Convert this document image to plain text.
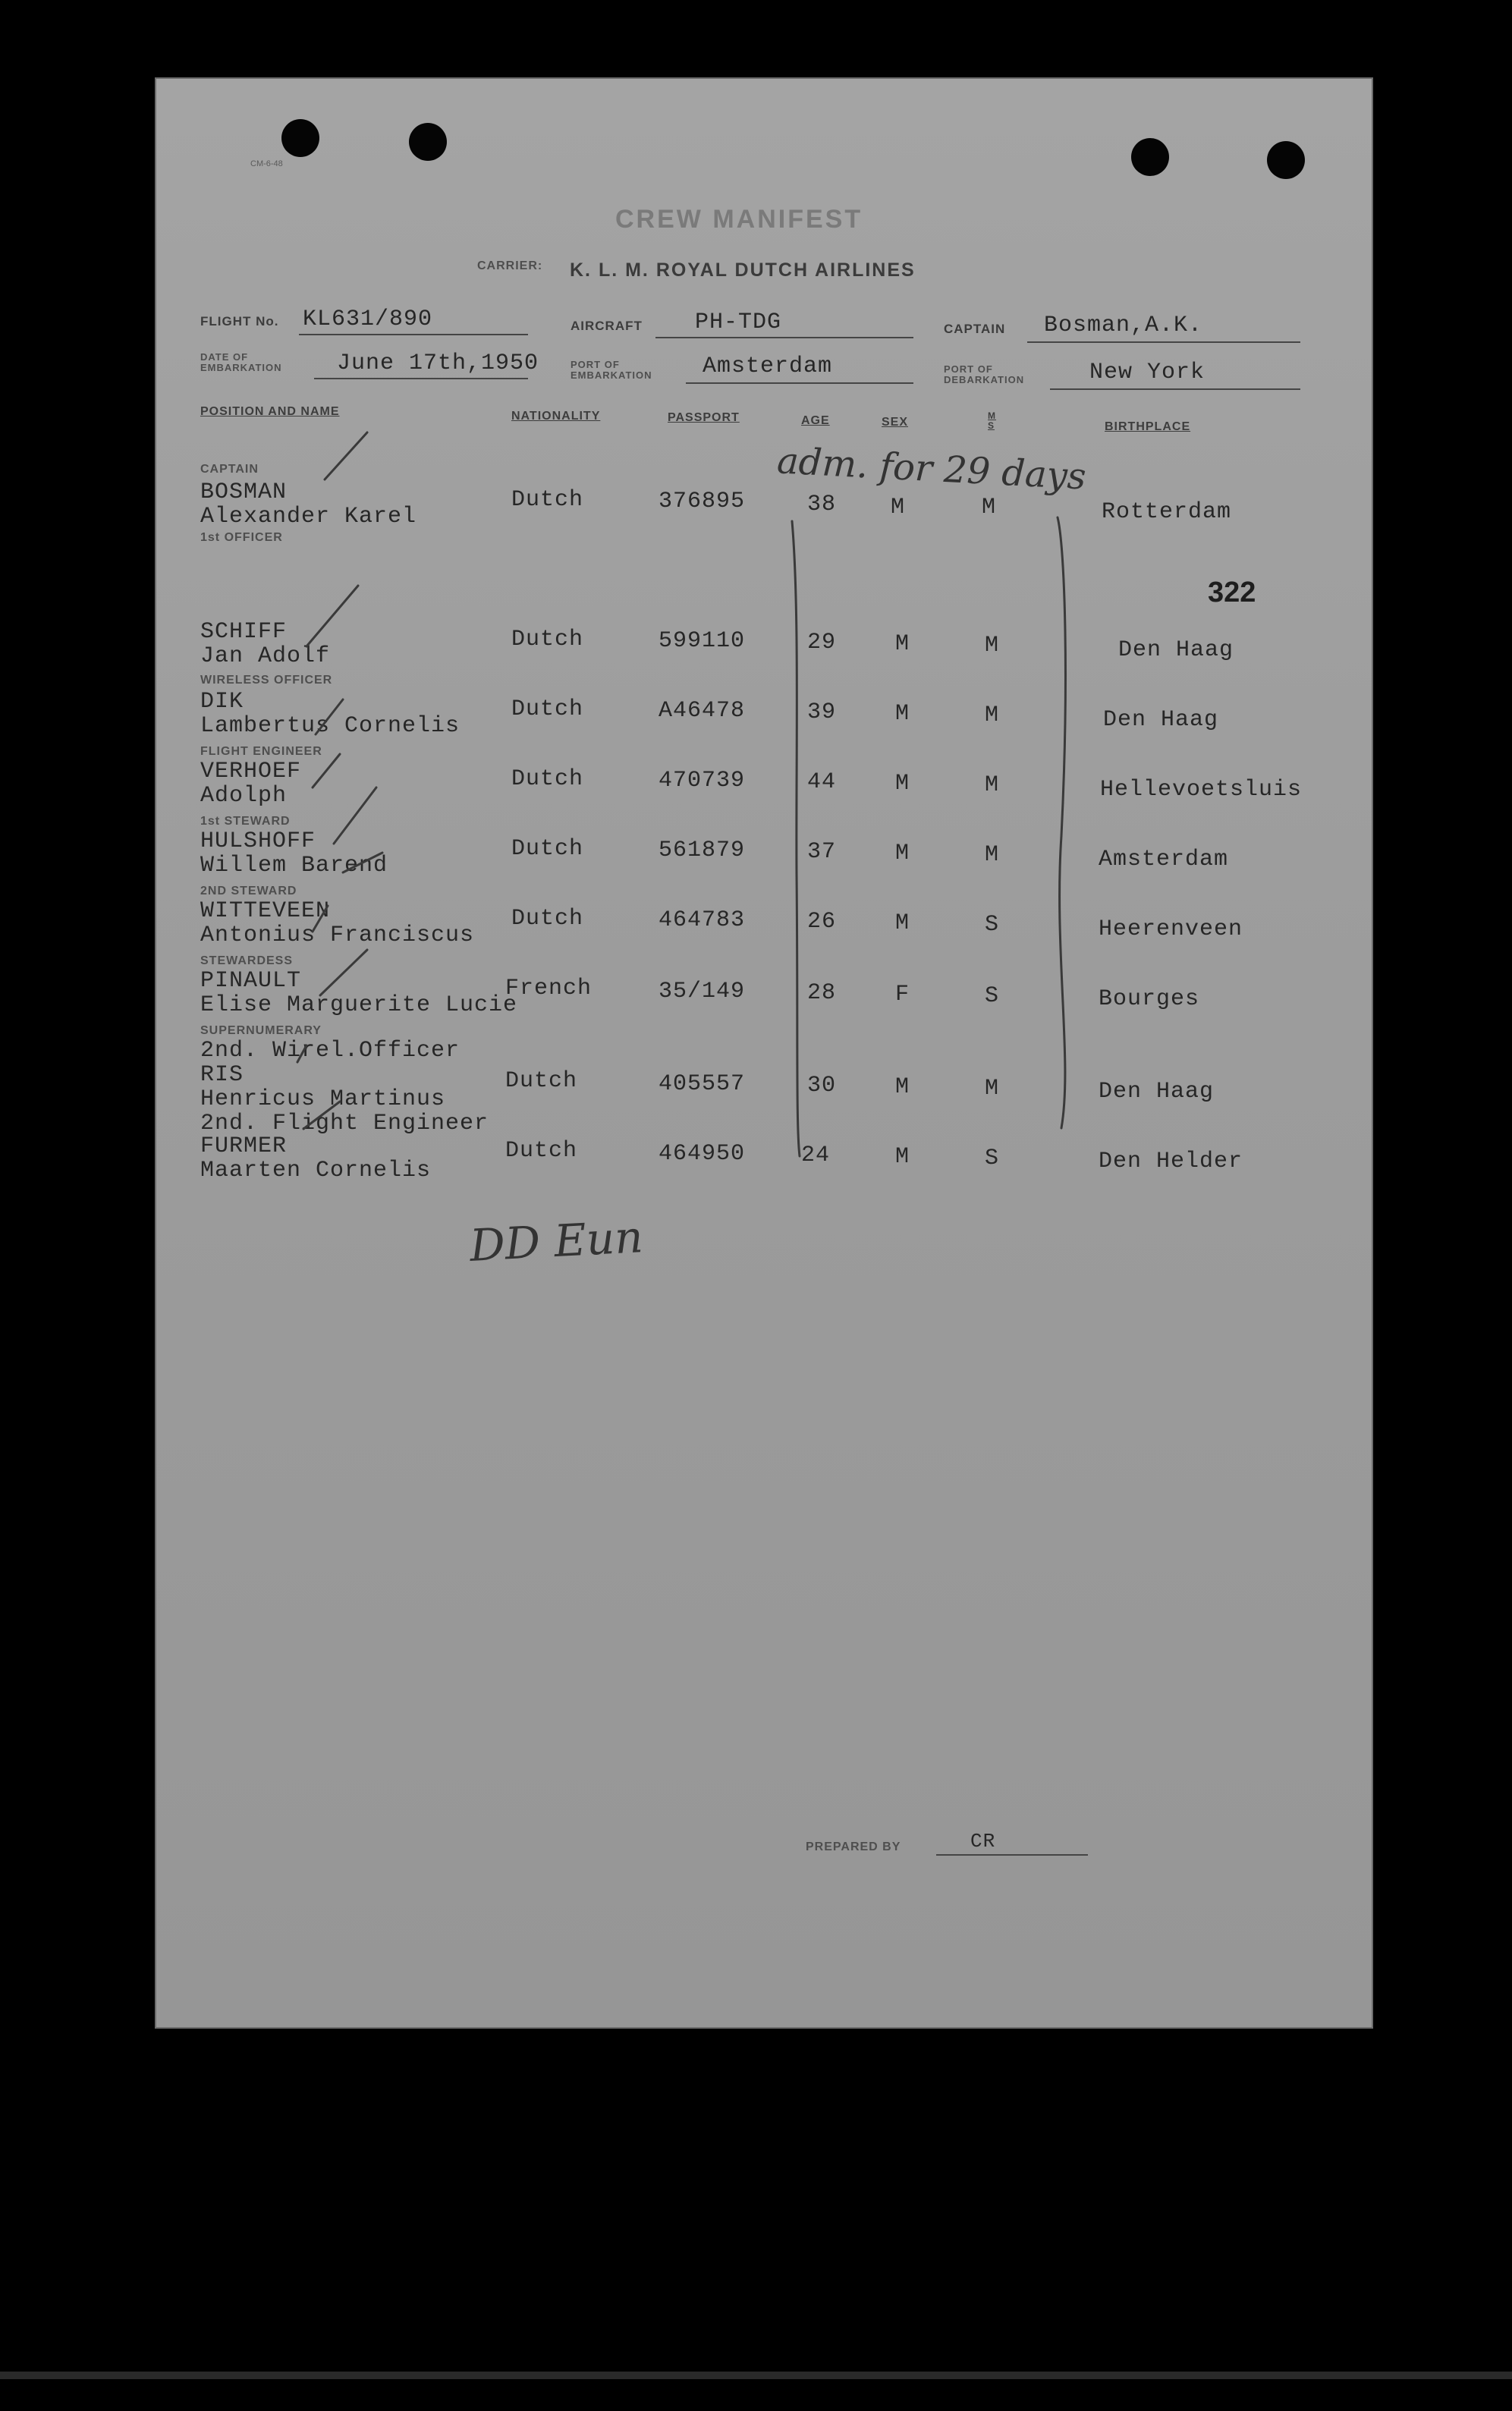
CM-6-48
CREW MANIFEST
CARRIER: K. L. M. ROYAL DUTCH AIRLINES
FLIGHT No. KL631/890	AIRCRAFT PH-TDG	CAPTAIN Bosman,A.K.
DATE OF EMBARKATION	June 17th,1950	PORT OF EMBARKATION	Amsterdam	PORT OF DEBARKATION	New York
POSITION AND NAME	NATIONALITY	PASSPORT	AGE	SEX	M S	BIRTHPLACE
CAPTAIN
BOSMAN
Alexander Karel
Dutch	376895	38 M	M	Rotterdam
322
1st OFFICER
SCHIFF
Jan Adolf
Dutch	599110	29	M	M	Den Haag
WIRELESS OFFICER
DIK
Lambertus Cornelis
Dutch	A46478	39	M	M	Den Haag
FLIGHT ENGINEER
VERHOEF
Adolph
Dutch	470739	44	M	M	Hellevoetsluis
1st STEWARD
HULSHOFF
Willem Barend
Dutch	561879	37	M	M	Amsterdam
2ND STEWARD
WITTEVEEN
Antonius Franciscus
Dutch	464783	26	M	S	Heerenveen
STEWARDESS
PINAULT
Elise Marguerite Lucie
French	35/149	28	F	S	Bourges
SUPERNUMERARY
2nd. Wirel.Officer
RIS
Henricus Martinus
Dutch	405557	30	M	M	Den Haag
2nd. Flight Engineer
FURMER
Maarten Cornelis
Dutch	464950 24	M	S	Den Helder
adm. for 29 days
DD Eun
PREPARED BY	CR
